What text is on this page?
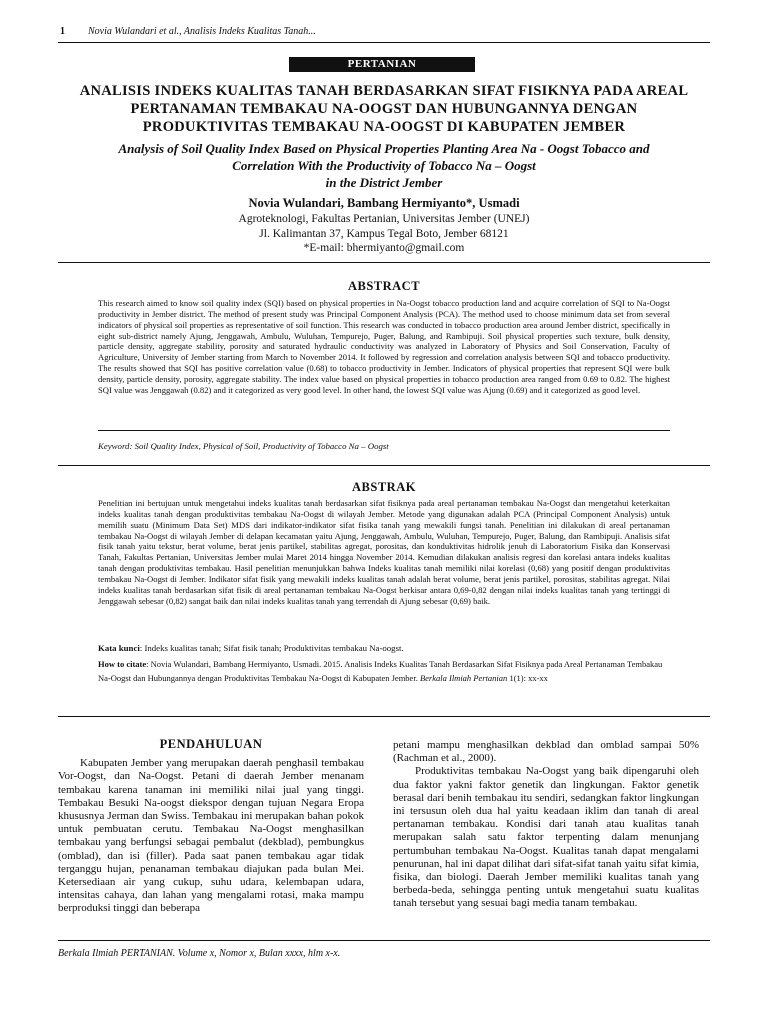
1 Novia Wulandari et al., Analisis Indeks Kualitas Tanah...
PERTANIAN
ANALISIS INDEKS KUALITAS TANAH BERDASARKAN SIFAT FISIKNYA PADA AREAL
PERTANAMAN TEMBAKAU NA-OOGST DAN HUBUNGANNYA DENGAN
PRODUKTIVITAS TEMBAKAU NA-OOGST DI KABUPATEN JEMBER
Analysis of Soil Quality Index Based on Physical Properties Planting Area Na - Oogst Tobacco and
Correlation With the Productivity of Tobacco Na – Oogst
in the District Jember
Novia Wulandari, Bambang Hermiyanto*, Usmadi
Agroteknologi, Fakultas Pertanian, Universitas Jember (UNEJ)
Jl. Kalimantan 37, Kampus Tegal Boto, Jember 68121
*E-mail: bhermiyanto@gmail.com
ABSTRACT
This research aimed to know soil quality index (SQI) based on physical properties in Na-Oogst tobacco production land and acquire correlation of SQI to Na-Oogst productivity in Jember district. The method of present study was Principal Component Analysis (PCA). The method used to choose minimum data set from several indicators of physical soil properties as representative of soil function. This research was conducted in tobacco production area around Jember district, specifically in eight sub-district namely Ajung, Jenggawah, Ambulu, Wuluhan, Tempurejo, Puger, Balung, and Rambipuji. Soil physical properties such texture, bulk density, particle density, aggregate stability, porosity and saturated hydraulic conductivity was analyzed in Laboratory of Physics and Soil Conservation, Faculty of Agriculture, University of Jember starting from March to November 2014. It followed by regression and correlation analysis between SQI and tobacco productivity. The results showed that SQI has positive correlation value (0.68) to tobacco productivity in Jember. Indicators of physical properties that represent SQI were bulk density, particle density, porosity, aggregate stability. The index value based on physical properties in tobacco production area ranged from 0.69 to 0.82. The highest SQI value was Jenggawah (0.82) and it categorized as very good level. In other hand, the lowest SQI value was Ajung (0.69) and it categorized as good level.
Keyword: Soil Quality Index, Physical of Soil, Productivity of Tobacco Na – Oogst
ABSTRAK
Penelitian ini bertujuan untuk mengetahui indeks kualitas tanah berdasarkan sifat fisiknya pada areal pertanaman tembakau Na-Oogst dan mengetahui keterkaitan indeks kualitas tanah dengan produktivitas tembakau Na-Oogst di wilayah Jember. Metode yang digunakan adalah PCA (Principal Component Analysis) untuk memilih suatu (Minimum Data Set) MDS dari indikator-indikator sifat fisika tanah yang mewakili fungsi tanah. Penelitian ini dilakukan di areal pertanaman tembakau Na-Oogst di wilayah Jember di delapan kecamatan yaitu Ajung, Jenggawah, Ambulu, Wuluhan, Tempurejo, Puger, Balung, dan Rambipuji. Analisis sifat fisik tanah yaitu tekstur, berat volume, berat jenis partikel, stabilitas agregat, porositas, dan konduktivitas hidrolik jenuh di Laboratorium Fisika dan Konservasi Tanah, Fakultas Pertanian, Universitas Jember mulai Maret 2014 hingga November 2014. Kemudian dilakukan analisis regresi dan korelasi antara indeks kualitas tanah dengan produktivitas tembakau. Hasil penelitian menunjukkan bahwa Indeks kualitas tanah memiliki nilai korelasi (0,68) yang positif dengan produktivitas tembakau Na-Oogst di Jember. Indikator sifat fisik yang mewakili indeks kualitas tanah adalah berat volume, berat jenis partikel, porositas, stabilitas agregat. Nilai indeks kualitas tanah berdasarkan sifat fisik di areal pertanaman tembakau Na-Oogst berkisar antara 0,69-0,82 dengan nilai indeks kualitas tanah yang tertinggi di Jenggawah sebesar (0,82) sangat baik dan nilai indeks kualitas tanah yang terrendah di Ajung sebesar (0,69) baik.
Kata kunci: Indeks kualitas tanah; Sifat fisik tanah; Produktivitas tembakau Na-oogst.
How to citate: Novia Wulandari, Bambang Hermiyanto, Usmadi. 2015. Analisis Indeks Kualitas Tanah Berdasarkan Sifat Fisiknya pada Areal Pertanaman Tembakau Na-Oogst dan Hubungannya dengan Produktivitas Tembakau Na-Oogst di Kabupaten Jember. Berkala Ilmiah Pertanian 1(1): xx-xx
PENDAHULUAN

Kabupaten Jember yang merupakan daerah penghasil tembakau Vor-Oogst, dan Na-Oogst. Petani di daerah Jember menanam tembakau karena tanaman ini memiliki nilai jual yang tinggi. Tembakau Besuki Na-oogst diekspor dengan tujuan Negara Eropa khususnya Jerman dan Swiss. Tembakau ini merupakan bahan pokok untuk pembuatan cerutu. Tembakau Na-Oogst menghasilkan tembakau yang berfungsi sebagai pembalut (dekblad), pembungkus (omblad), dan isi (filler). Pada saat panen tembakau agar tidak terganggu hujan, penanaman tembakau diajukan pada bulan Mei. Ketersediaan air yang cukup, suhu udara, kelembapan udara, intensitas cahaya, dan lahan yang mengalami rotasi, maka mampu berproduksi tinggi dan beberapa

petani mampu menghasilkan dekblad dan omblad sampai 50% (Rachman et al., 2000).

Produktivitas tembakau Na-Oogst yang baik dipengaruhi oleh dua faktor yakni faktor genetik dan lingkungan. Faktor genetik berasal dari benih tembakau itu sendiri, sedangkan faktor lingkungan ini tersusun oleh dua hal yaitu keadaan iklim dan tanah di areal pertanaman tembakau. Kondisi dari tanah atau kualitas tanah merupakan salah satu faktor terpenting dalam menunjang pertumbuhan tembakau Na-Oogst. Kualitas tanah dapat mengalami penurunan, hal ini dapat dilihat dari sifat-sifat tanah yaitu sifat kimia, fisika, dan biologi. Daerah Jember memiliki kualitas tanah yang berbeda-beda, sehingga penting untuk mengetahui suatu kualitas tanah tersebut yang sesuai bagi media tanam tembakau.

Berkala Ilmiah PERTANIAN. Volume x, Nomor x, Bulan xxxx, hlm x-x.
